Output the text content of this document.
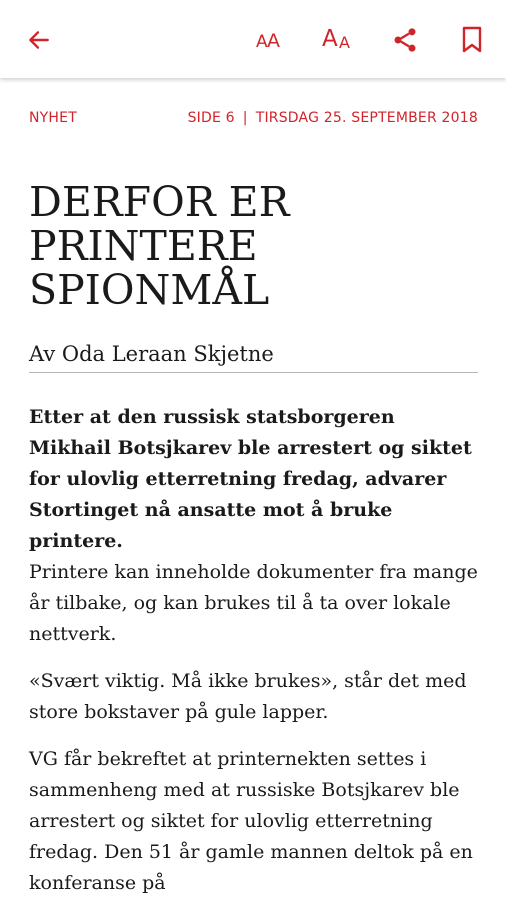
A A A A
NYHET	SIDE 6 | TIRSDAG 25. SEPTEMBER 2018
DERFOR ER PRINTERE SPIONMÅL
Av Oda Leraan Skjetne

Etter at den russisk statsborgeren Mikhail Botsjkarev ble arrestert og siktet for ulovlig etterretning fredag, advarer Stortinget nå ansatte mot å bruke printere.

Printere kan inneholde dokumenter fra mange år tilbake, og kan brukes til å ta over lokale nettverk.

«Svært viktig. Må ikke brukes», står det med store bokstaver på gule lapper.

VG får bekreftet at printernekten settes i sammenheng med at russiske Botsjkarev ble arrestert og siktet for ulovlig etterretning fredag. Den 51 år gamle mannen deltok på en konferanse på
